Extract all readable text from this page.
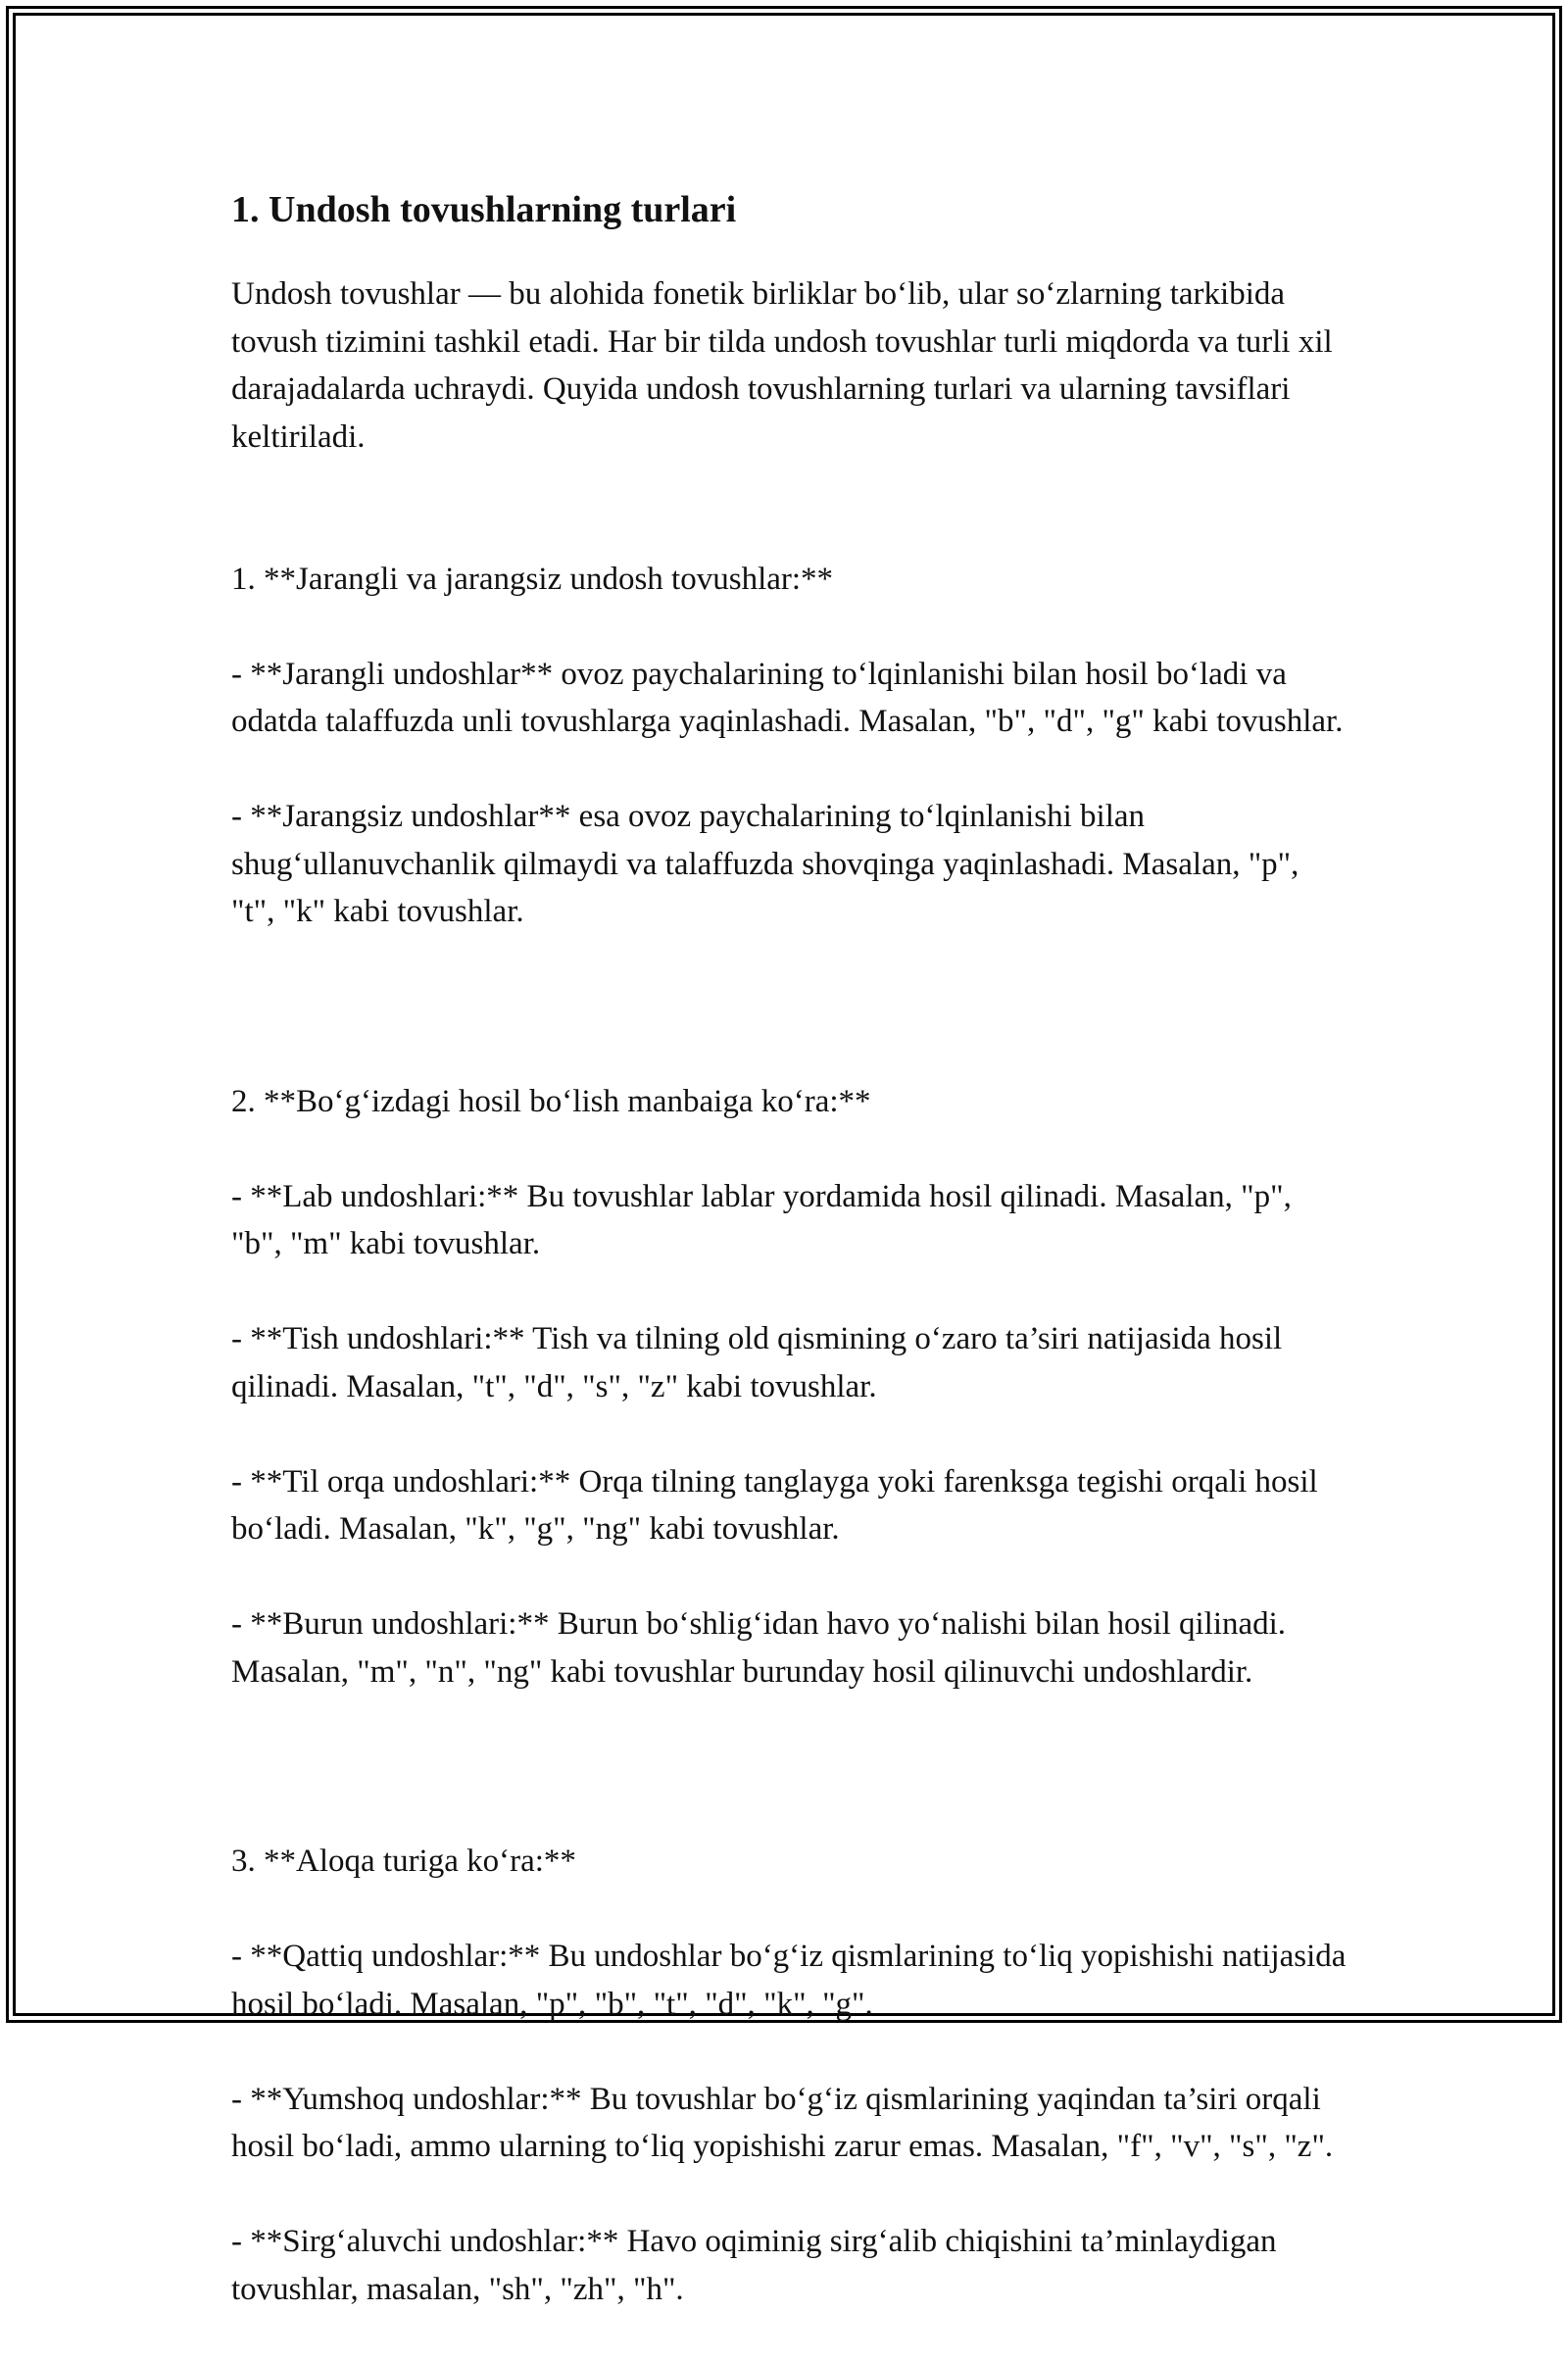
1. Undosh tovushlarning turlari

Undosh tovushlar — bu alohida fonetik birliklar bo‘lib, ular so‘zlarning tarkibida tovush tizimini tashkil etadi. Har bir tilda undosh tovushlar turli miqdorda va turli xil darajadalarda uchraydi. Quyida undosh tovushlarning turlari va ularning tavsiflari keltiriladi.

1. **Jarangli va jarangsiz undosh tovushlar:**

- **Jarangli undoshlar** ovoz paychalarining to‘lqinlanishi bilan hosil bo‘ladi va odatda talaffuzda unli tovushlarga yaqinlashadi. Masalan, "b", "d", "g" kabi tovushlar.

- **Jarangsiz undoshlar** esa ovoz paychalarining to‘lqinlanishi bilan shug‘ullanuvchanlik qilmaydi va talaffuzda shovqinga yaqinlashadi. Masalan, "p", "t", "k" kabi tovushlar.

2. **Bo‘g‘izdagi hosil bo‘lish manbaiga ko‘ra:**

- **Lab undoshlari:** Bu tovushlar lablar yordamida hosil qilinadi. Masalan, "p", "b", "m" kabi tovushlar.

- **Tish undoshlari:** Tish va tilning old qismining o‘zaro ta’siri natijasida hosil qilinadi. Masalan, "t", "d", "s", "z" kabi tovushlar.

- **Til orqa undoshlari:** Orqa tilning tanglayga yoki farenksga tegishi orqali hosil bo‘ladi. Masalan, "k", "g", "ng" kabi tovushlar.

- **Burun undoshlari:** Burun bo‘shlig‘idan havo yo‘nalishi bilan hosil qilinadi. Masalan, "m", "n", "ng" kabi tovushlar burunday hosil qilinuvchi undoshlardir.

3. **Aloqa turiga ko‘ra:**

- **Qattiq undoshlar:** Bu undoshlar bo‘g‘iz qismlarining to‘liq yopishishi natijasida hosil bo‘ladi. Masalan, "p", "b", "t", "d", "k", "g".

- **Yumshoq undoshlar:** Bu tovushlar bo‘g‘iz qismlarining yaqindan ta’siri orqali hosil bo‘ladi, ammo ularning to‘liq yopishishi zarur emas. Masalan, "f", "v", "s", "z".

- **Sirg‘aluvchi undoshlar:** Havo oqiminig sirg‘alib chiqishini ta’minlaydigan tovushlar, masalan, "sh", "zh", "h".
